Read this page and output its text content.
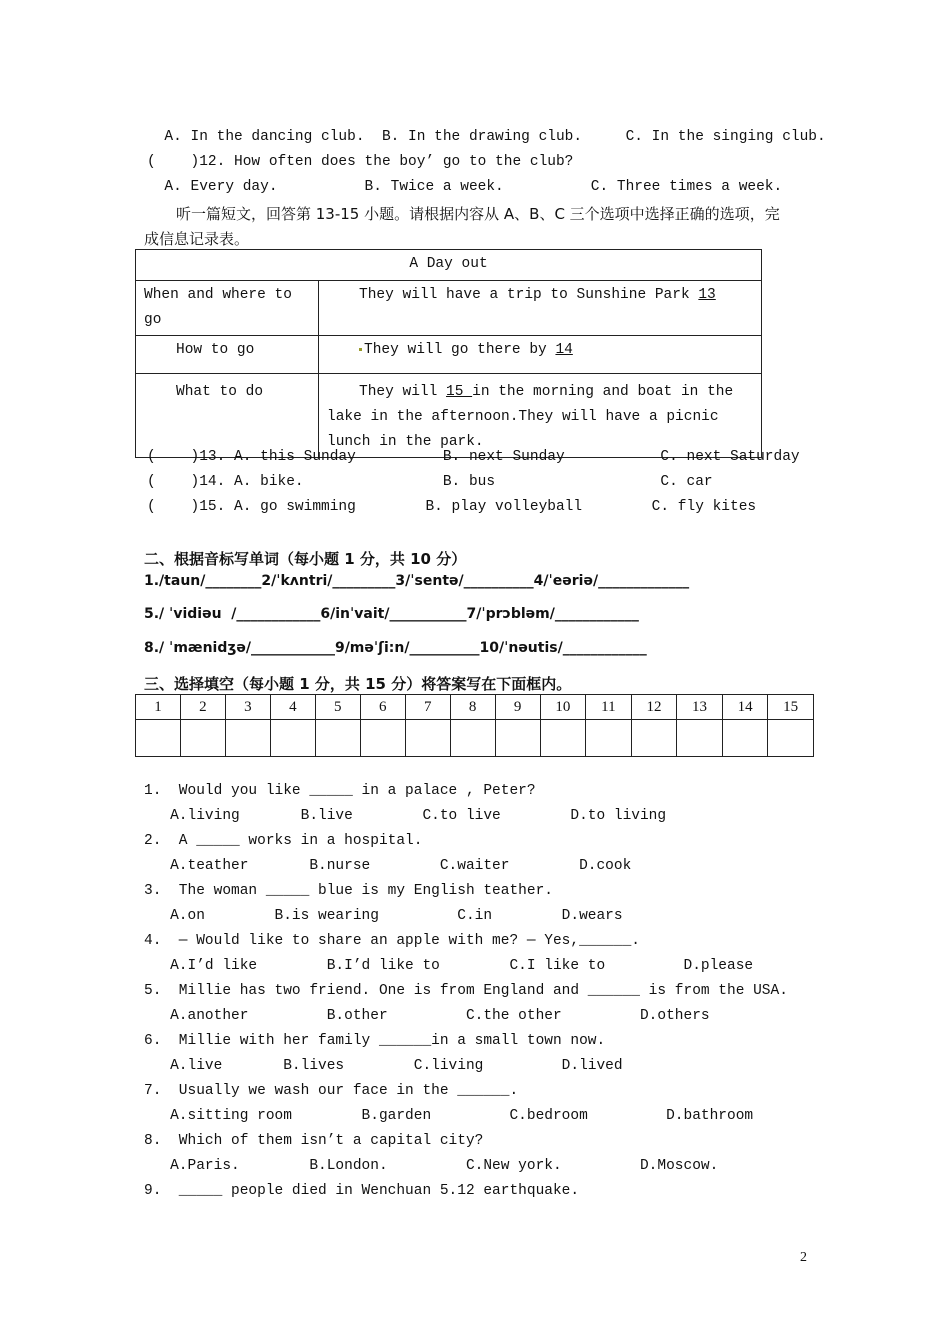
A. In the dancing club.  B. In the drawing club.     C. In the singing club.
(    )12. How often does the boy’ go to the club?
A. Every day.          B. Twice a week.          C. Three times a week.
听一篇短文，回答第 13-15 小题。请根据内容从 A、B、C 三个选项中选择正确的选项，完
成信息记录表。
A Day out	
When and where to go	They will have a trip to Sunshine Park 13
How to go	They will go there by 14
What to do	They will 15 in the morning and boat in the lake in the afternoon.They will have a picnic lunch in the park.
(    )13. A. this Sunday          B. next Sunday           C. next Saturday
(    )14. A. bike.                B. bus                   C. car
(    )15. A. go swimming        B. play volleyball        C. fly kites
二、根据音标写单词（每小题 1 分，共 10 分）
1./taun/________2/ˈkʌntri/_________3/ˈsentə/__________4/ˈeəriə/_____________
5./ ˈvidiəu  /____________6/inˈvait/___________7/ˈprɔbləm/____________
8./ ˈmænidʒə/____________9/məˈʃi:n/__________10/ˈnəutis/____________
三、选择填空（每小题 1 分，共 15 分）将答案写在下面框内。
1	2	3	4	5	6	7	8	9	10	11	12	13	14	15

1.  Would you like _____ in a palace , Peter?
A.living       B.live        C.to live        D.to living
2.  A _____ works in a hospital.
A.teather       B.nurse        C.waiter        D.cook
3.  The woman _____ blue is my English teather.
A.on        B.is wearing         C.in        D.wears
4.  — Would like to share an apple with me? — Yes,______.
A.I’d like        B.I’d like to        C.I like to         D.please
5.  Millie has two friend. One is from England and ______ is from the USA.
A.another         B.other         C.the other         D.others
6.  Millie with her family ______in a small town now.
A.live       B.lives        C.living         D.lived
7.  Usually we wash our face in the ______.
A.sitting room        B.garden         C.bedroom         D.bathroom
8.  Which of them isn’t a capital city?
A.Paris.        B.London.         C.New york.         D.Moscow.
9.  _____ people died in Wenchuan 5.12 earthquake.
2
